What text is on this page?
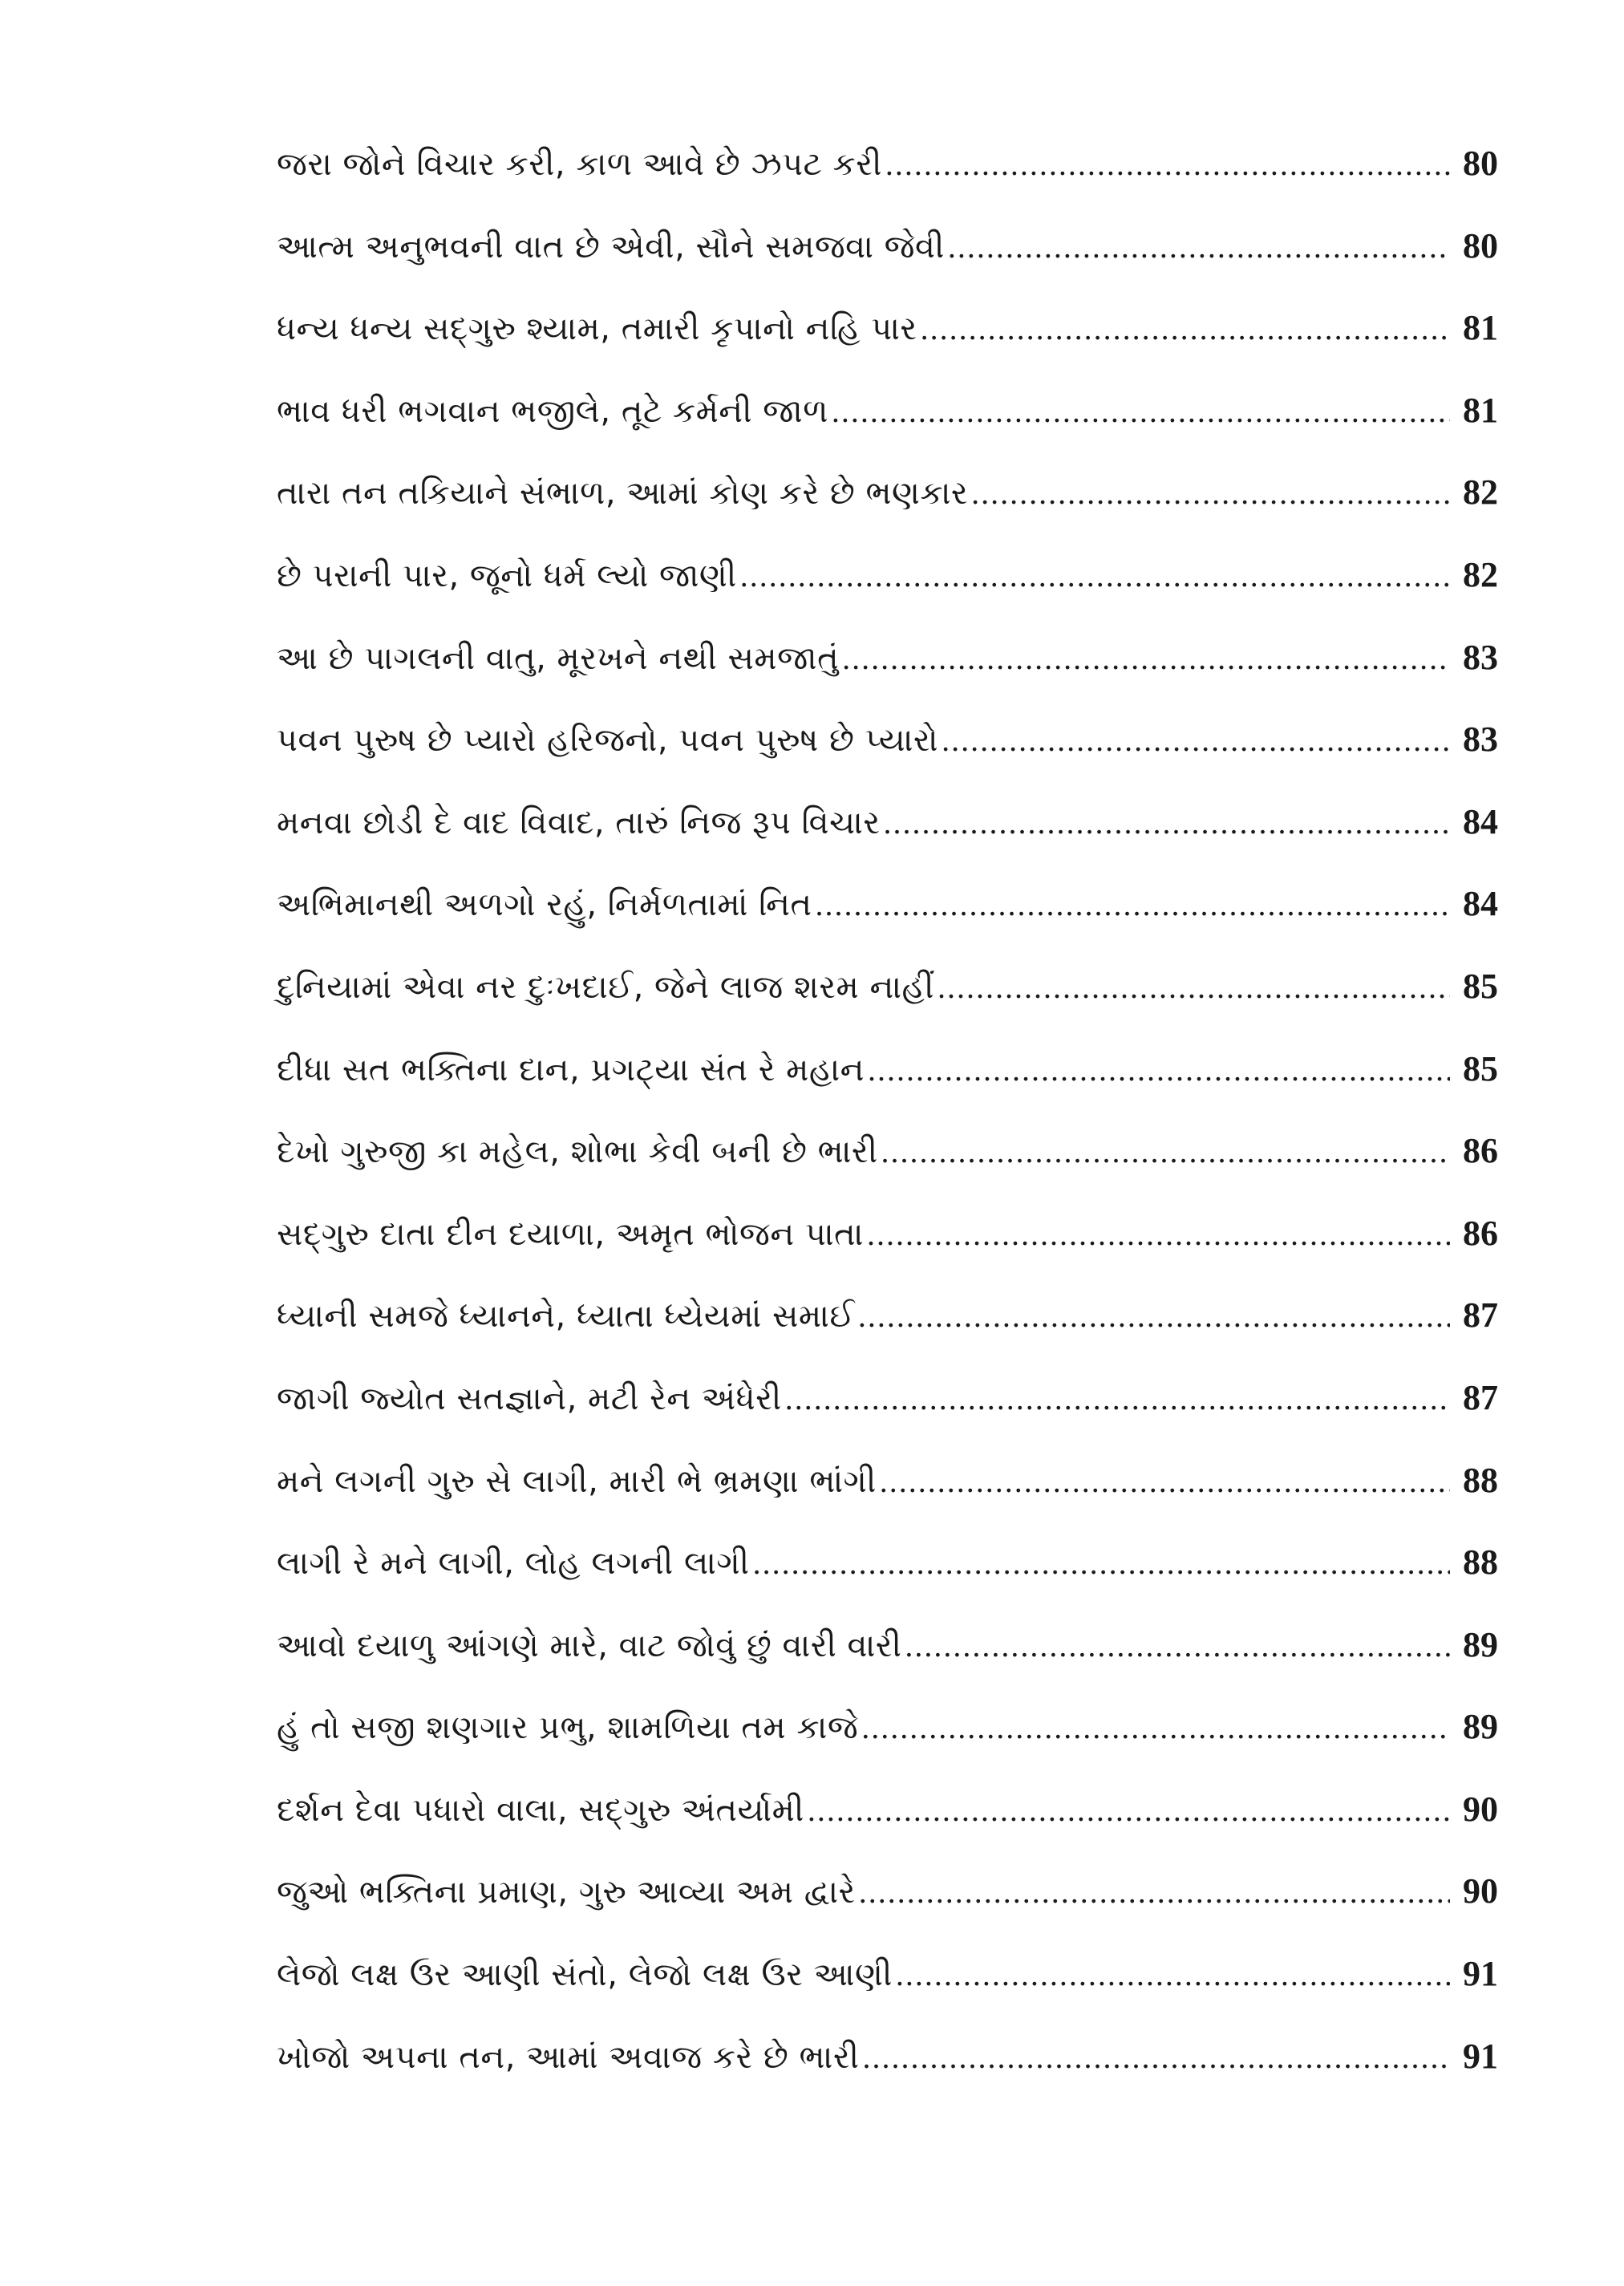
જરા જોને વિચાર કરી, કાળ આવે છે ઝપટ કરી .....	80
આત્મ અનુભવની વાત છે એવી, સૌને સમજવા જેવી .....	80
ધન્ય ધન્ય સદ્‌ગુરુ શ્યામ, તમારી કૃપાનો નહિ પાર .....	81
ભાવ ધરી ભગવાન ભજીલે, તૂટે કર્મની જાળ .....	81
તારા તન તકિયાને સંભાળ, આમાં કોણ કરે છે ભણકાર .....	82
છે પરાની પાર, જૂનો ધર્મ લ્યો જાણી .....	82
આ છે પાગલની વાતુ, મૂરખને નથી સમજાતું .....	83
પવન પુરુષ છે પ્યારો હરિજનો, પવન પુરુષ છે પ્યારો .....	83
મનવા છોડી દે વાદ વિવાદ, તારું નિજ રૂપ વિચાર .....	84
અભિમાનથી અળગો રહું, નિર્મળતામાં નિત .....	84
દુનિયામાં એવા નર દુઃખદાઈ, જેને લાજ શરમ નાહીં .....	85
દીધા સત ભક્તિના દાન, પ્રગટ્યા સંત રે મહાન .....	85
દેખો ગુરુજી કા મહેલ, શોભા કેવી બની છે ભારી .....	86
સદ્‌ગુરુ દાતા દીન દયાળા, અમૃત ભોજન પાતા .....	86
ધ્યાની સમજે ધ્યાનને, ધ્યાતા ધ્યેયમાં સમાઈ .....	87
જાગી જ્યોત સતજ્ઞાને, મટી રેન અંધેરી .....	87
મને લગની ગુરુ સે લાગી, મારી ભે ભ્રમણા ભાંગી .....	88
લાગી રે મને લાગી, લોહ લગની લાગી .....	88
આવો દયાળુ આંગણે મારે, વાટ જોવું છું વારી વારી .....	89
હું તો સજી શણગાર પ્રભુ, શામળિયા તમ કાજે .....	89
દર્શન દેવા પધારો વાલા, સદ્‌ગુરુ અંતર્યામી .....	90
જુઓ ભક્તિના પ્રમાણ, ગુરુ આવ્યા અમ દ્વારે .....	90
લેજો લક્ષ ઉર આણી સંતો, લેજો લક્ષ ઉર આણી .....	91
ખોજો અપના તન, આમાં અવાજ કરે છે ભારી .....	91
